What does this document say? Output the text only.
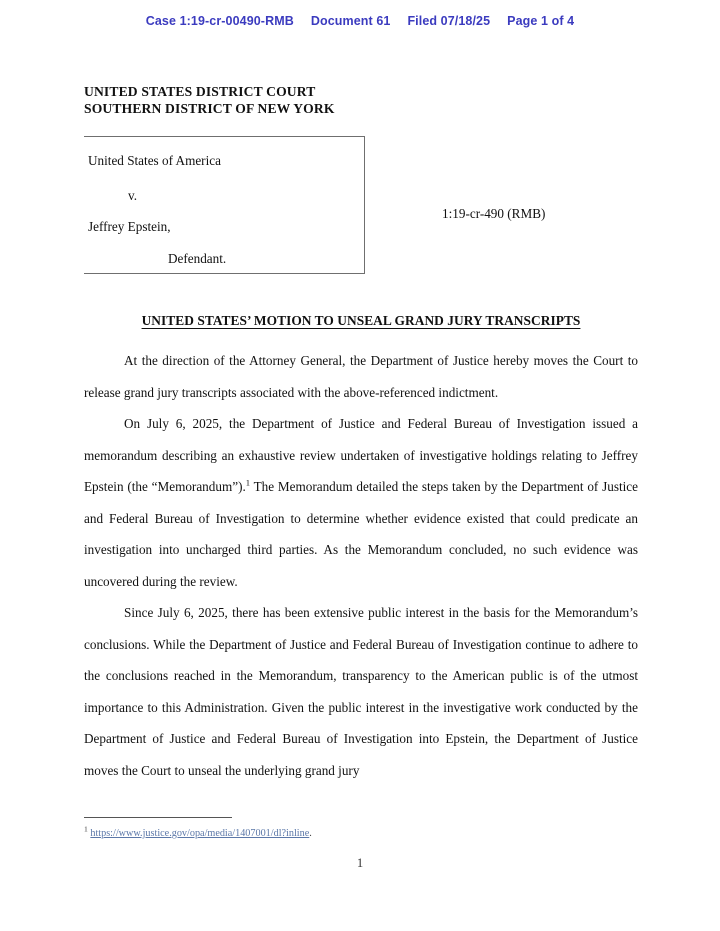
Case 1:19-cr-00490-RMB Document 61 Filed 07/18/25 Page 1 of 4
UNITED STATES DISTRICT COURT
SOUTHERN DISTRICT OF NEW YORK
United States of America
v.
Jeffrey Epstein,
Defendant.
1:19-cr-490 (RMB)
UNITED STATES’ MOTION TO UNSEAL GRAND JURY TRANSCRIPTS

At the direction of the Attorney General, the Department of Justice hereby moves the Court to release grand jury transcripts associated with the above-referenced indictment.

On July 6, 2025, the Department of Justice and Federal Bureau of Investigation issued a memorandum describing an exhaustive review undertaken of investigative holdings relating to Jeffrey Epstein (the “Memorandum”).$^1$ The Memorandum detailed the steps taken by the Department of Justice and Federal Bureau of Investigation to determine whether evidence existed that could predicate an investigation into uncharged third parties. As the Memorandum concluded, no such evidence was uncovered during the review.

Since July 6, 2025, there has been extensive public interest in the basis for the Memorandum’s conclusions. While the Department of Justice and Federal Bureau of Investigation continue to adhere to the conclusions reached in the Memorandum, transparency to the American public is of the utmost importance to this Administration. Given the public interest in the investigative work conducted by the Department of Justice and Federal Bureau of Investigation into Epstein, the Department of Justice moves the Court to unseal the underlying grand jury

$^1$ https://www.justice.gov/opa/media/1407001/dl?inline.
1
